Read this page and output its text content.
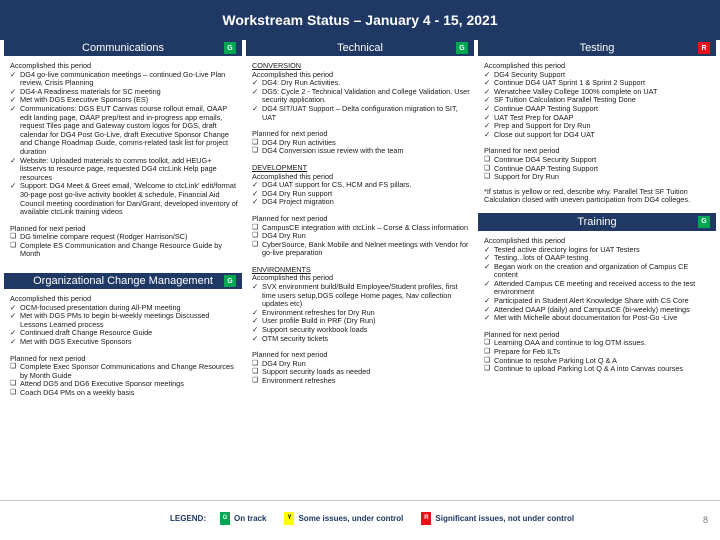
Workstream Status – January 4 - 15, 2021
Communications	G
Accomplished this period
✓ DG4 go-live communication meetings – continued Go-Live Plan review, Crisis Planning
✓ DG4-A Readiness materials for SC meeting
✓ Met with DGS Executive Sponsors (ES)
✓ Communications: DGS EUT Canvas course rollout email, OAAP edit landing page, OAAP prep/test and in-progress app emails, request Tiles page and Gateway custom logos for DGS, draft calendar for DG4 Post Go-Live, draft Executive Sponsor Change and Change Roadmap Guide, comms-related task list for project duration
✓ Website: Uploaded materials to comms toolkit, add HEUG+ listservs to resource page, requested DG4 ctcLink Help page resources
✓ Support: DG4 Meet & Greet email, 'Welcome to ctcLink' edit/format 30-page post go-live activity booklet & schedule, Financial Aid Council meeting coordination for Dan/Grant, developed inventory of available ctcLink training videos
Planned for next period
❑ DG timeline compare request (Rodger Harrison/SC)
❑ Complete ES Communication and Change Resource Guide by Month
Organizational Change Management	G
Accomplished this period
✓ OCM-focused presentation during All-PM meeting
✓ Met with DGS PMs to begin bi-weekly meetings Discussed Lessons Learned process
✓ Continued draft Change Resource Guide
✓ Met with DGS Executive Sponsors
Planned for next period
❑ Complete Exec Sponsor Communications and Change Resources by Month Guide
❑ Attend DG5 and DG6 Executive Sponsor meetings
❑ Coach DG4 PMs on a weekly basis
Technical	G
CONVERSION
Accomplished this period
✓ DG4: Dry Run Activities.
✓ DG5: Cycle 2 - Technical Validation and College Validation. User security application.
✓ DG4 SIT/UAT Support – Delta configuration migration to SIT, UAT
Planned for next period
❑ DG4 Dry Run activities
❑ DG4 Conversion issue review with the team
DEVELOPMENT
Accomplished this period
✓ DG4 UAT support for CS, HCM and FS pillars.
✓ DG4 Dry Run support
✓ DG4 Project migration
Planned for next period
❑ CampusCE integration with ctcLink – Corse & Class information
❑ DG4 Dry Run
❑ CyberSource, Bank Mobile and Nelnet meetings with Vendor for go-live preparation
ENVIRONMENTS
Accomplished this period
✓ SVX environment build/Build Employee/Student profiles, first time users setup,DGS college Home pages, Nav collection updates etc)
✓ Environment refreshes for Dry Run
✓ User profile Build in PRF (Dry Run)
✓ Support security workbook loads
✓ OTM security tickets
Planned for next period
❑ DG4 Dry Run
❑ Support security loads as needed
❑ Environment refreshes
Testing	R
Accomplished this period
✓ DG4 Security Support
✓ Continue DG4 UAT Sprint 1 & Sprint 2 Support
✓ Wenatchee Valley College 100% complete on UAT
✓ SF Tuition Calculation Parallel Testing Done
✓ Continue OAAP Testing Support
✓ UAT Test Prep for OAAP
✓ Prep and Support for Dry Run
✓ Close out support for DG4 UAT
Planned for next period
❑ Continue DG4 Security Support
❑ Continue OAAP Testing Support
❑ Support for Dry Run
*If status is yellow or red, describe why. Parallel Test SF Tuition Calculation closed with uneven participation from DG4 colleges.
Training	G
Accomplished this period
✓ Tested active directory logins for UAT Testers
✓ Testing...lots of OAAP testing
✓ Began work on the creation and organization of Campus CE content
✓ Attended Campus CE meeting and received access to the test environment
✓ Participated in Student Alert Knowledge Share with CS Core
✓ Attended OAAP (daily) and CampusCE (bi-weekly) meetings
✓ Met with Michelle about documentation for Post-Go -Live
Planned for next period
❑ Learning OAA and continue to log OTM issues.
❑ Prepare for Feb ILTs
❑ Continue to resolve Parking Lot Q & A
❑ Continue to upload Parking Lot Q & A into Canvas courses
LEGEND:	G On track	Y Some issues, under control	R Significant issues, not under control	8
